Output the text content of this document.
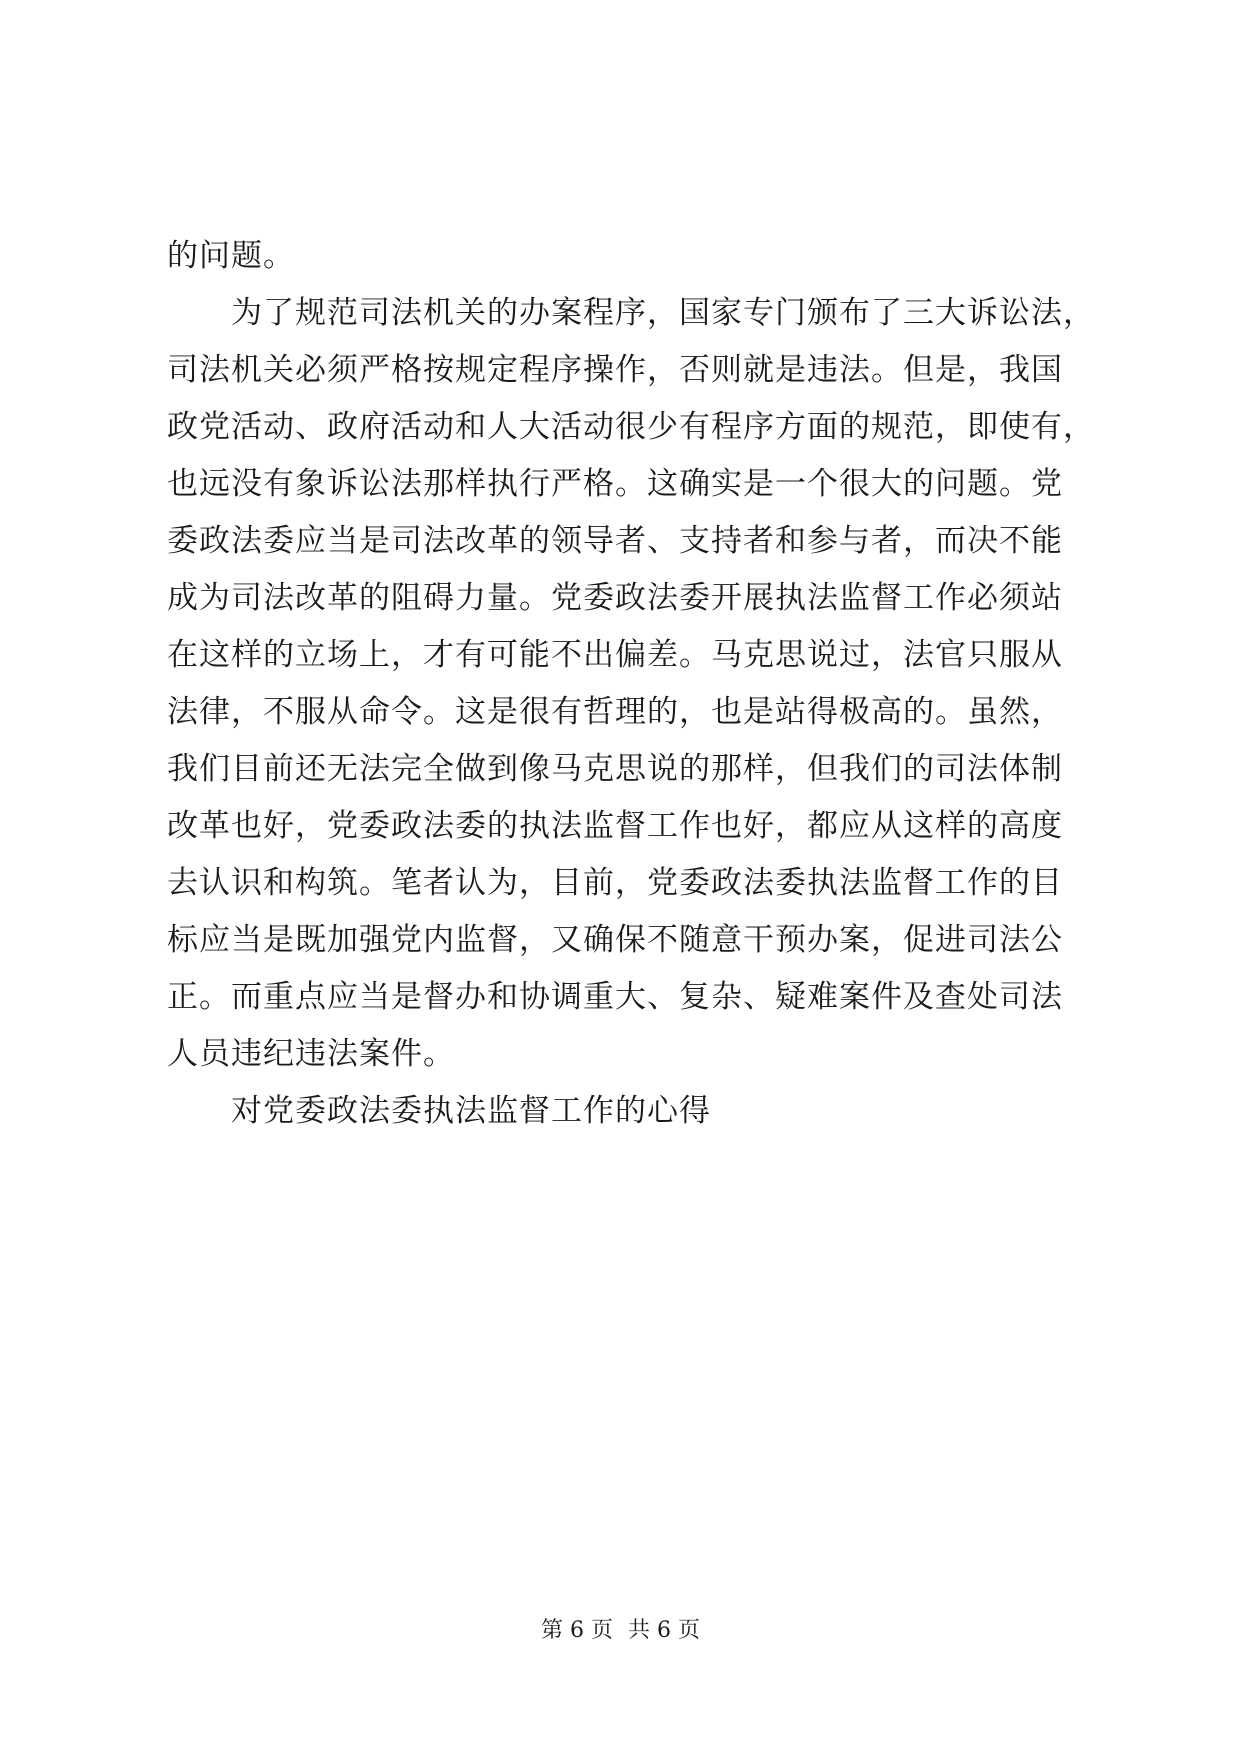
的问题。

为了规范司法机关的办案程序，国家专门颁布了三大诉讼法，

司法机关必须严格按规定程序操作，否则就是违法。但是，我国

政党活动、政府活动和人大活动很少有程序方面的规范，即使有，

也远没有象诉讼法那样执行严格。这确实是一个很大的问题。党

委政法委应当是司法改革的领导者、支持者和参与者，而决不能

成为司法改革的阻碍力量。党委政法委开展执法监督工作必须站

在这样的立场上，才有可能不出偏差。马克思说过，法官只服从

法律，不服从命令。这是很有哲理的，也是站得极高的。虽然，

我们目前还无法完全做到像马克思说的那样，但我们的司法体制

改革也好，党委政法委的执法监督工作也好，都应从这样的高度

去认识和构筑。笔者认为，目前，党委政法委执法监督工作的目

标应当是既加强党内监督，又确保不随意干预办案，促进司法公

正。而重点应当是督办和协调重大、复杂、疑难案件及查处司法

人员违纪违法案件。

对党委政法委执法监督工作的心得

第 6 页 共 6 页
